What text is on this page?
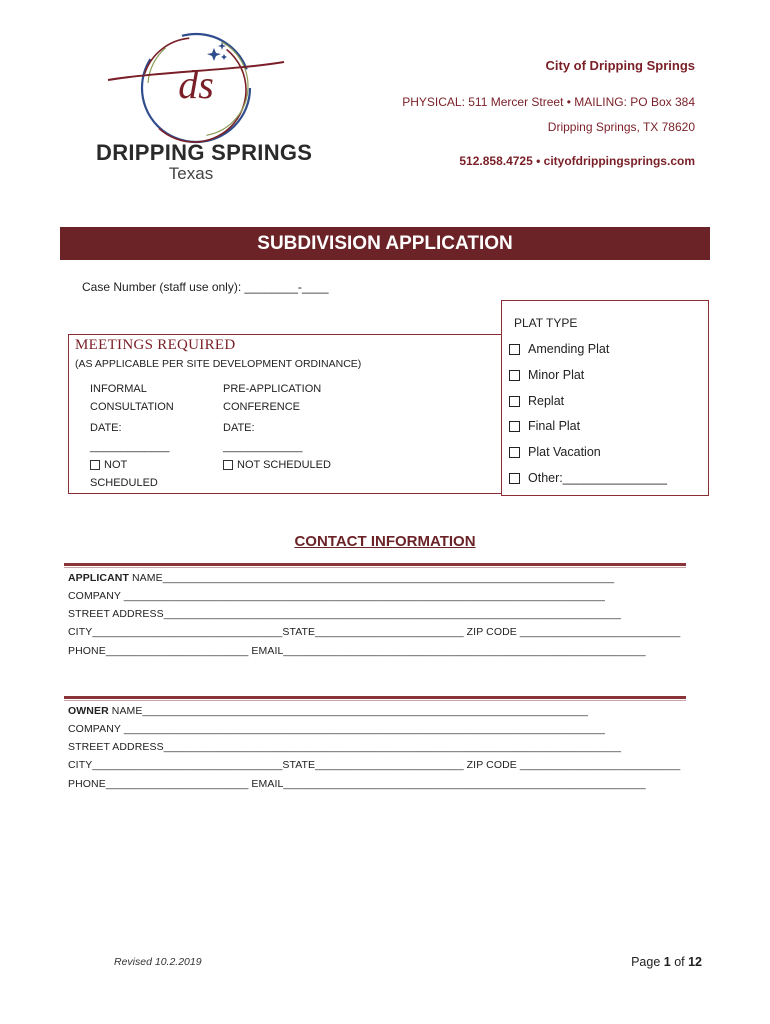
ds
DRIPPING SPRINGS
Texas
City of Dripping Springs
PHYSICAL: 511 Mercer Street • MAILING: PO Box 384
Dripping Springs, TX 78620
512.858.4725 • cityofdrippingsprings.com
SUBDIVISION APPLICATION
Case Number (staff use only): ________-____
PLAT TYPE
Amending Plat
Minor Plat
Replat
Final Plat
Plat Vacation
Other:_______________
MEETINGS REQUIRED
(AS APPLICABLE PER SITE DEVELOPMENT ORDINANCE)
INFORMAL
CONSULTATION
DATE:
_____________
NOT
SCHEDULED
PRE-APPLICATION
CONFERENCE
DATE:
_____________
NOT SCHEDULED
CONTACT INFORMATION
APPLICANT NAME____________________________________________________________________________
COMPANY _________________________________________________________________________________
STREET ADDRESS_____________________________________________________________________________
CITY________________________________STATE_________________________ ZIP CODE ___________________________
PHONE________________________ EMAIL_____________________________________________________________
OWNER NAME___________________________________________________________________________
COMPANY _________________________________________________________________________________
STREET ADDRESS_____________________________________________________________________________
CITY________________________________STATE_________________________ ZIP CODE ___________________________
PHONE________________________ EMAIL_____________________________________________________________
Revised 10.2.2019	Page 1 of 12
